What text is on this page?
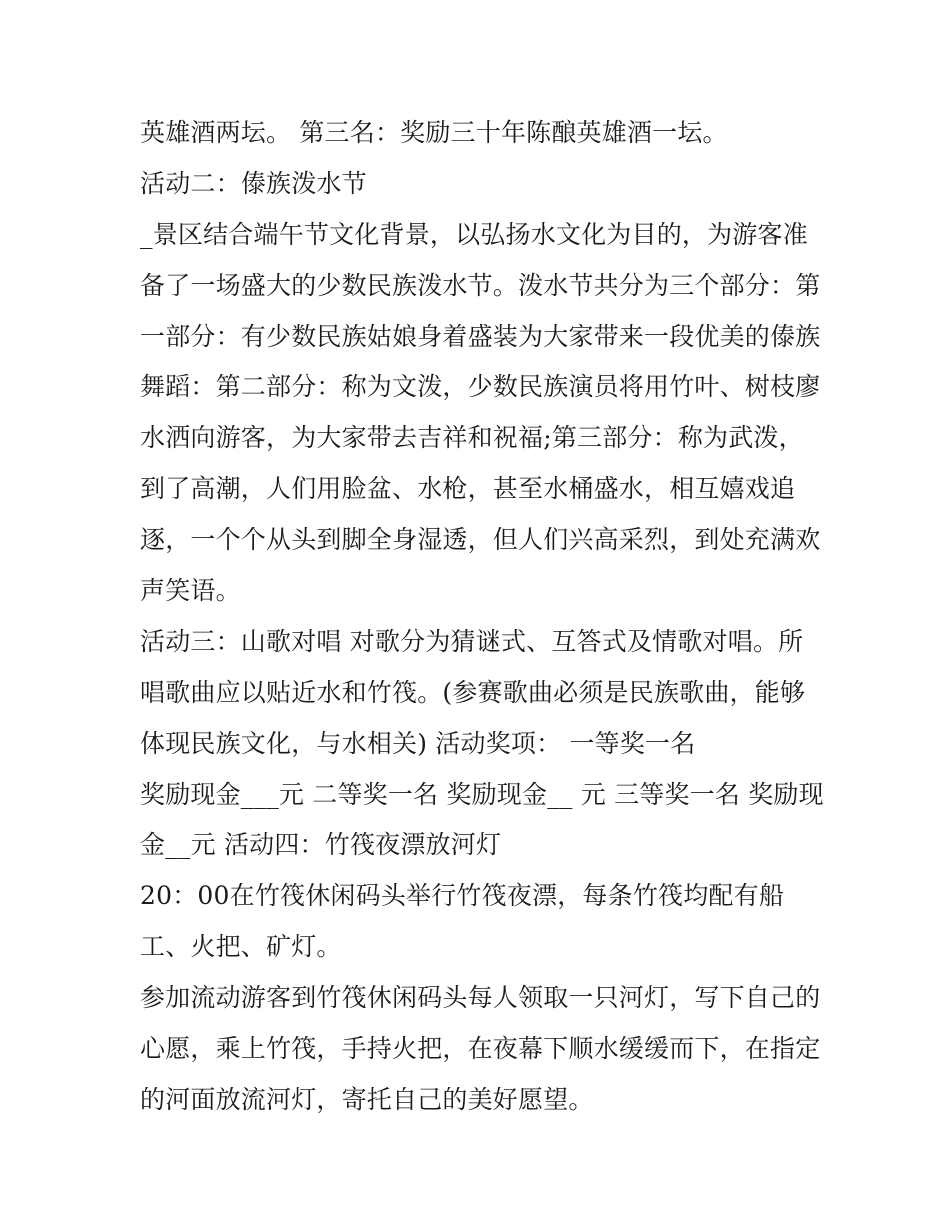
英雄酒两坛。 第三名：奖励三十年陈酿英雄酒一坛。
活动二：傣族泼水节
_景区结合端午节文化背景，以弘扬水文化为目的，为游客准
备了一场盛大的少数民族泼水节。泼水节共分为三个部分：第
一部分：有少数民族姑娘身着盛装为大家带来一段优美的傣族
舞蹈：第二部分：称为文泼，少数民族演员将用竹叶、树枝廖
水洒向游客，为大家带去吉祥和祝福;第三部分：称为武泼，
到了高潮，人们用脸盆、水枪，甚至水桶盛水，相互嬉戏追
逐，一个个从头到脚全身湿透，但人们兴高采烈，到处充满欢
声笑语。
活动三：山歌对唱 对歌分为猜谜式、互答式及情歌对唱。所
唱歌曲应以贴近水和竹筏。(参赛歌曲必须是民族歌曲，能够
体现民族文化，与水相关) 活动奖项： 一等奖一名
奖励现金___元 二等奖一名 奖励现金__ 元 三等奖一名 奖励现
金__元 活动四：竹筏夜漂放河灯
20：00在竹筏休闲码头举行竹筏夜漂，每条竹筏均配有船
工、火把、矿灯。
参加流动游客到竹筏休闲码头每人领取一只河灯，写下自己的
心愿，乘上竹筏，手持火把，在夜幕下顺水缓缓而下，在指定
的河面放流河灯，寄托自己的美好愿望。
